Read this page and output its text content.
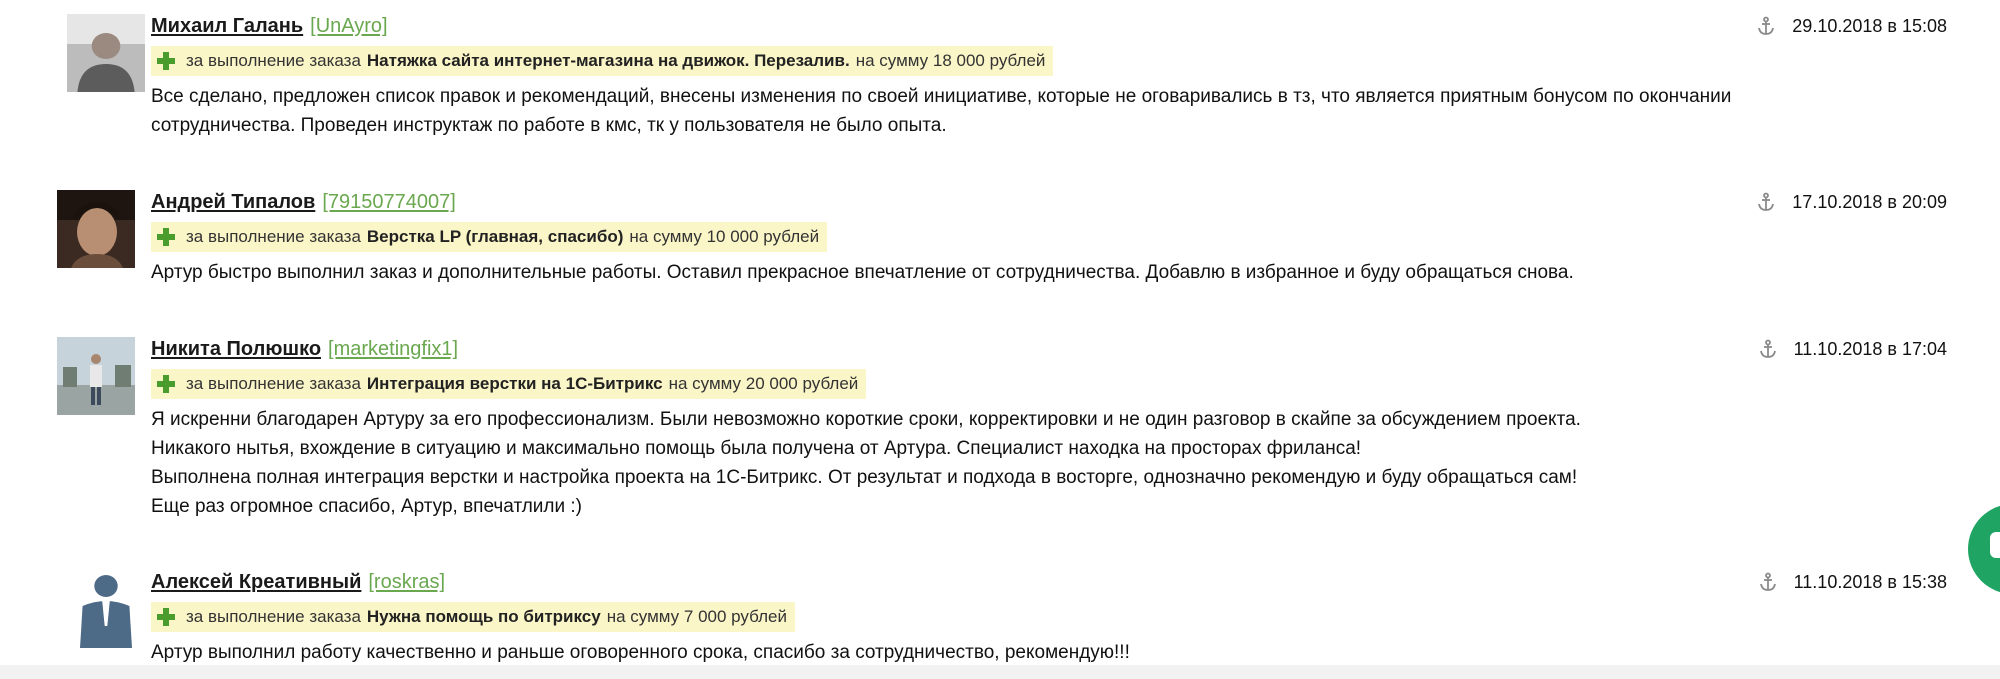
Михаил Галань [UnAyro]	29.10.2018 в 15:08
за выполнение заказа Натяжка сайта интернет-магазина на движок. Перезалив. на сумму
18 000 рублей

Все сделано, предложен список правок и рекомендаций, внесены изменения по своей инициативе, которые не оговаривались в тз, что является приятным бонусом по окончании сотрудничества. Проведен инструктаж по работе в кмс, тк у пользователя не было опыта.

Андрей Типалов [79150774007]	17.10.2018 в 20:09
за выполнение заказа Верстка LP (главная, спасибо) на сумму
10 000 рублей

Артур быстро выполнил заказ и дополнительные работы. Оставил прекрасное впечатление от сотрудничества. Добавлю в избранное и буду обращаться снова.

Никита Полюшко [marketingfix1]	11.10.2018 в 17:04
за выполнение заказа Интеграция верстки на 1С-Битрикс на сумму
20 000 рублей

Я искренни благодарен Артуру за его профессионализм. Были невозможно короткие сроки, корректировки и не один разговор в скайпе за обсуждением проекта.

Никакого нытья, вхождение в ситуацию и максимально помощь была получена от Артура. Специалист находка на просторах фриланса!

Выполнена полная интеграция верстки и настройка проекта на 1С-Битрикс. От результат и подхода в восторге, однозначно рекомендую и буду обращаться сам!

Еще раз огромное спасибо, Артур, впечатлили :)

Алексей Креативный [roskras]	11.10.2018 в 15:38
за выполнение заказа Нужна помощь по битриксу на сумму
7 000 рублей

Артур выполнил работу качественно и раньше оговоренного срока, спасибо за сотрудничество, рекомендую!!!
